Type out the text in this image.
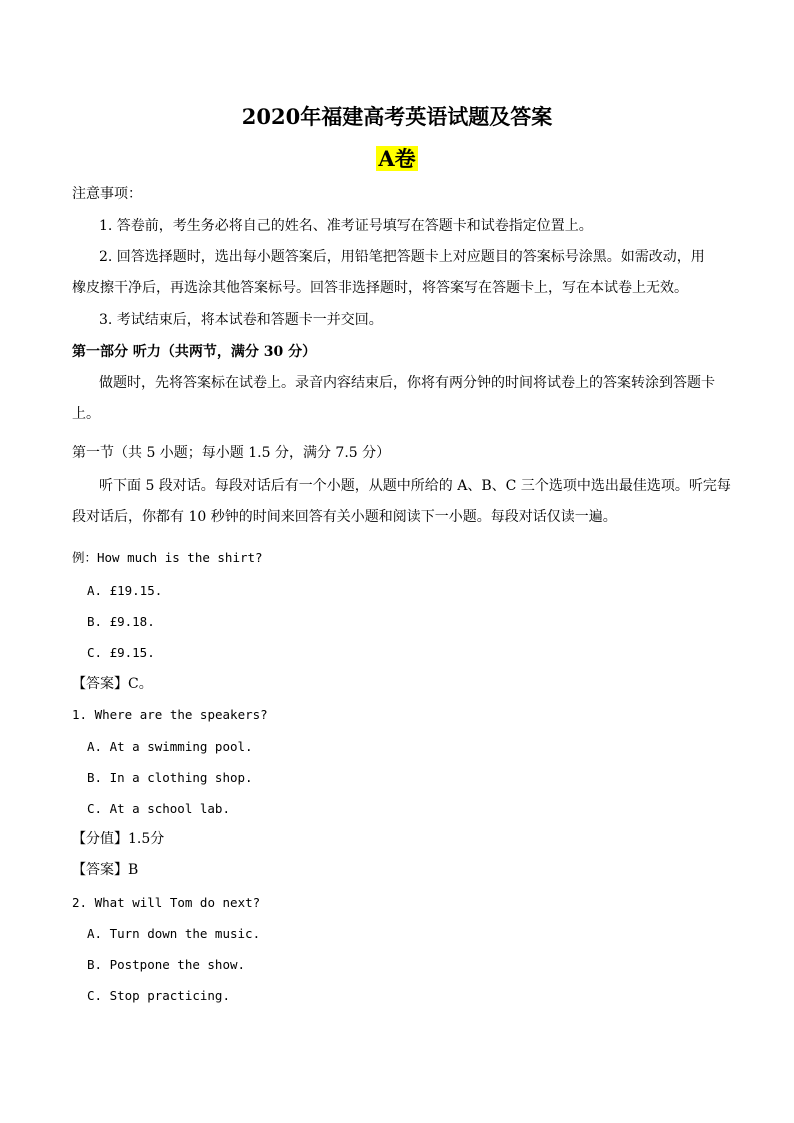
2020年福建高考英语试题及答案
A卷
注意事项：
1. 答卷前，考生务必将自己的姓名、准考证号填写在答题卡和试卷指定位置上。
2. 回答选择题时，选出每小题答案后，用铅笔把答题卡上对应题目的答案标号涂黑。如需改动，用
橡皮擦干净后，再选涂其他答案标号。回答非选择题时，将答案写在答题卡上，写在本试卷上无效。
3. 考试结束后，将本试卷和答题卡一并交回。
第一部分 听力（共两节，满分 30 分）
做题时，先将答案标在试卷上。录音内容结束后，你将有两分钟的时间将试卷上的答案转涂到答题卡
上。
第一节（共 5 小题；每小题 1.5 分，满分 7.5 分）
听下面 5 段对话。每段对话后有一个小题，从题中所给的 A、B、C 三个选项中选出最佳选项。听完每
段对话后，你都有 10 秒钟的时间来回答有关小题和阅读下一小题。每段对话仅读一遍。
例：How much is the shirt?
A. £19.15.
B. £9.18.
C. £9.15.
【答案】C。
1. Where are the speakers?
A. At a swimming pool.
B. In a clothing shop.
C. At a school lab.
【分值】1.5分
【答案】B
2. What will Tom do next?
A. Turn down the music.
B. Postpone the show.
C. Stop practicing.
